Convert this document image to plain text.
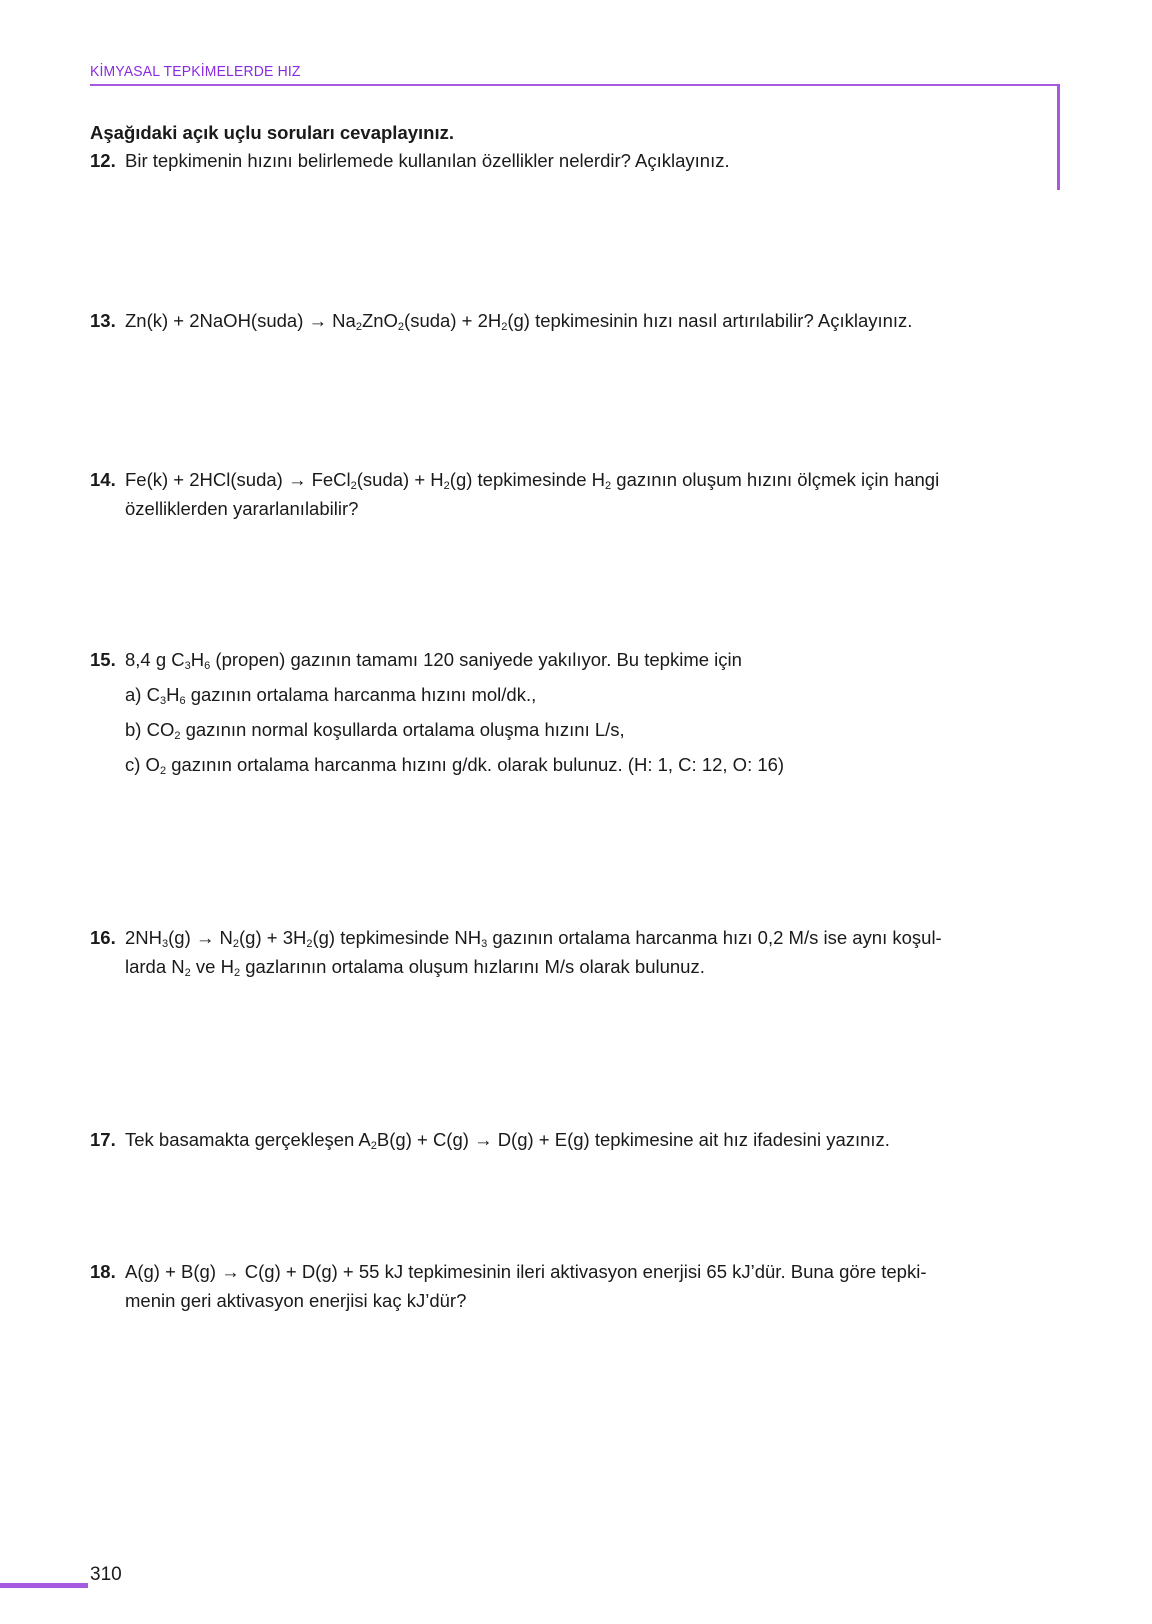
KİMYASAL TEPKİMELERDE HIZ
Aşağıdaki açık uçlu soruları cevaplayınız.
12. Bir tepkimenin hızını belirlemede kullanılan özellikler nelerdir? Açıklayınız.
13. Zn(k) + 2NaOH(suda) → $Na_2ZnO_2(suda) + 2H_2(g)$ tepkimesinin hızı nasıl artırılabilir? Açıklayınız.
14. Fe(k) + 2HCl(suda) → FeCl$_2$(suda) + $H_2(g)$ tepkimesinde $H_2$ gazının oluşum hızını ölçmek için hangi
özelliklerden yararlanılabilir?
15. 8,4 g $C_3H_6$ (propen) gazının tamamı 120 saniyede yakılıyor. Bu tepkime için
a) $C_3H_6$ gazının ortalama harcanma hızını mol/dk.,
b) $CO_2$ gazının normal koşullarda ortalama oluşma hızını L/s,
c) $O_2$ gazının ortalama harcanma hızını g/dk. olarak bulunuz. (H: 1, C: 12, O: 16)
16. $2NH_3(g) \to N_2(g) + 3H_2(g)$ tepkimesinde $NH_3$ gazının ortalama harcanma hızı 0,2 M/s ise aynı koşul-
larda $N_2$ ve $H_2$ gazlarının ortalama oluşum hızlarını M/s olarak bulunuz.
17. Tek basamakta gerçekleşen $A_2B(g) + C(g) \to D(g) + E(g)$ tepkimesine ait hız ifadesini yazınız.
18. A(g) + B(g) → C(g) + D(g) + 55 kJ tepkimesinin ileri aktivasyon enerjisi 65 kJ’dür. Buna göre tepki-
menin geri aktivasyon enerjisi kaç kJ’dür?
310
